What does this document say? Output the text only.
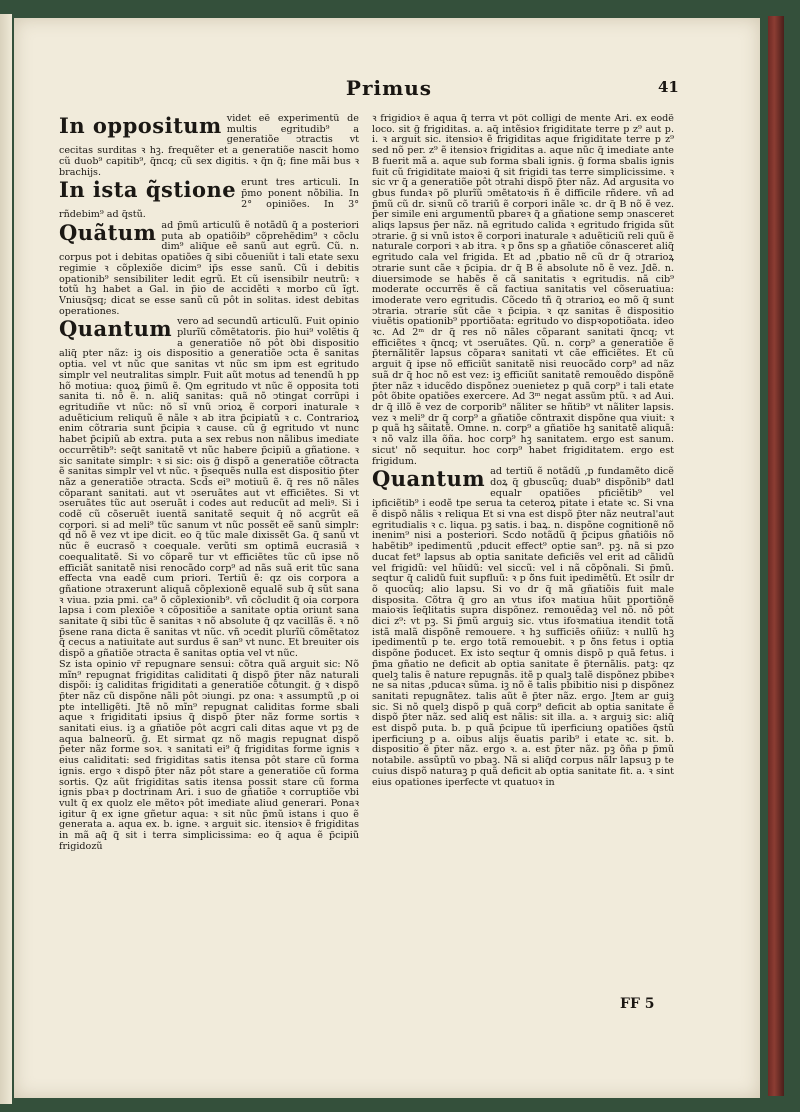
Primus	41

In oppositum videt eẽ experimentũ de multis egritudib⁹ a generatiõe ↄtractis vt cecitas surditas ꝛ hꝫ. frequẽter et a generatiõe nascit homo cũ duob⁹ capitib⁹, q̃ncq; cũ sex digitis. ꝛ q̃n q̃; fine mãi bus ꝛ brachijs.

In ista q̃stione erunt tres articuli. In p̃mo ponent nõbilia. In 2° opiniões. In 3° rñdebim⁹ ad q̃stũ.

Quãtum ad p̃mũ articulũ ẽ notãdũ q̃ a posteriori puta ab opatiõib⁹ cõprehẽdim⁹ ꝛ cõclu dim⁹ aliq̃ue eẽ sanũ aut egrũ. Cũ. n. corpus pot i debitas opatiões q̃ sibi cõueniũt i tali etate sexu regimie ꝛ cõplexiõe dicim⁹ ip̃s esse sanũ. Cũ i debitis opationib⁹ sensibiliter ledit egrũ. Et cũ isensibilr neutrũ: ꝛ totũ hꝫ habet a Gal. in p̃io de accidẽti ꝛ morbo cũ ĩgt. Vniusq̃sq; dicat se esse sanũ cũ pôt in solitas. idest debitas operationes.

Quantum vero ad secundũ articulũ. Fuit opinio plurĩũ cõmẽtatoris. p̃io hui⁹ volẽtis q̃ a generatiõe nõ pôt ꝺbi dispositio aliq̃ pter nãz: iꝫ ois dispositio a generatiõe ↄcta ẽ sanitas optia. vel vt nũc que sanitas vt nũc sm ipm est egritudo simplr vel neutralitas simplr. Fuit aũt motus ad tenendũ h pp hõ motiua: quoꝝ p̃imũ ẽ. Qm egritudo vt nũc ẽ opposita toti sanita ti. nõ ẽ. n. aliq̃ sanitas: quã nõ ↄtingat corrũpi i egritudiñe vt nũc: nõ sĩ vnũ ↄrioꝝ ẽ corpori inaturale ꝛ aduẽticium reliquũ ẽ nãle ꝛ ab itra p̃cipiatũ ꝛ c. Contrarioꝝ enim cõtraria sunt p̃cipia ꝛ cause. cũ g̃ egritudo vt nunc habet p̃cipiũ ab extra. puta a sex rebus non nãlibus imediate occurrẽtib⁹: seq̃t sanitatẽ vt nũc habere p̃cipiũ a gñatione. ꝛ sic sanitate simplr: ꝛ si sic: ois g̃ dispõ a generatiõe cõtracta ẽ sanitas simplr vel vt nũc. ꝛ p̃sequẽs nulla est dispositio p̃ter nãz a generatiõe ↄtracta. Scd̃s ei⁹ motiuũ ẽ. q̃ res nõ nãles cõparant sanitati. aut vt ↄseruãtes aut vt efficiẽtes. Si vt ↄseruãtes tũc aut ↄseruãt i codes aut reducũt ad meliꝰ. Si i codẽ cũ cõseruẽt iuentã sanitatẽ sequit q̃ nõ acgrũt eã corpori. si ad meli⁹ tũc sanum vt nũc possẽt eẽ sanũ simplr: qd̃ nõ ẽ vez vt ipe dicit. eo q̃ tũc male dixissẽt Ga. q̃ sanũ vt nũc ẽ eucrasõ ꝛ coequale. verũti sm optimã eucrasiã ꝛ coequalitatẽ. Si vo cõparẽ tur vt efficiẽtes tũc cũ ipse nõ efficiãt sanitatẽ nisi renocãdo corp⁹ ad nãs suã erit tũc sana effecta vna eadẽ cum priori. Tertiũ ẽ: qz ois corpora a gñatione ↄtraxerunt aliquã cõplexionẽ equalẽ sub q̃ sũt sana ꝛ viua. pzia pmi. ca⁹ õ cõplexionib⁹. vñ cõcludit q̃ oia corpora lapsa i com plexiõe ꝛ cõpositiõe a sanitate optia oriunt sana sanitate q̃ sibi tũc ẽ sanitas ꝛ nõ absolute q̃ qz vacillãs ẽ. ꝛ nõ p̃sene rana dicta ẽ sanitas vt nũc. vñ ↄcedit plurĩũ cõmẽtatoz q̃ cecus a natiuitate aut surdus ẽ san⁹ vt nunc. Et breuiter ois dispõ a gñatiõe ↄtracta ẽ sanitas optia vel vt nũc.

Sz ista opinio vr̃ repugnare sensui: cõtra quã arguit sic: Nõ mĩn⁹ repugnat frigiditas caliditati q̃ dispõ p̃ter nãz naturali dispõi: iꝫ caliditas frigiditati a generatiõe cõtungit. g̃ ꝛ dispõ p̃ter nãz cũ dispõne nãli pôt ↄiungi. pz ona: ꝛ assumptũ ,p oi pte intelligẽti. Jtẽ nõ mĩn⁹ repugnat caliditas forme sbali aque ꝛ frigiditati ipsius q̃ dispõ p̃ter nãz forme sortis ꝛ sanitati eius. iꝫ a gñatiõe pôt acgri cali ditas aque vt pꝫ de aqua balneorũ. g̃. Et sirmat qz nõ magis repugnat dispõ p̃eter nãz forme soꝛ. ꝛ sanitati ei⁹ q̃ frigiditas forme ignis ꝛ eius caliditati: sed frigiditas satis itensa pôt stare cũ forma ignis. ergo ꝛ dispõ p̃ter nãz pôt stare a generatiõe cũ forma sortis. Qz aũt frigiditas satis itensa possit stare cũ forma ignis pbaꝛ p doctrinam Ari. i suo de gñatiõe ꝛ corruptiõe vbi vult q̃ ex quolz ele mẽtoꝛ pôt imediate aliud generari. Ponaꝛ igitur q̃ ex igne gñetur aqua: ꝛ sit nũc p̃mũ istans i quo ẽ generata a. aqua ex. b. igne. ꝛ arguit sic. itensioꝛ ẽ frigiditas in mã aq̃ q̃ sit i terra simplicissima: eo q̃ aqua ẽ p̃cipiũ frigidozũ

ꝛ frigidioꝛ ẽ aqua q̃ terra vt pôt colligi de mente Ari. ex eodẽ loco. sit g̃ frigiditas. a. aq̃ intẽsioꝛ frigiditate terre p z⁹ aut p. i. ꝛ arguit sic. itensioꝛ ẽ frigiditas aque frigiditate terre p z⁹ sed nõ per. z⁹ ẽ itensioꝛ frigiditas a. aque nũc q̃ imediate ante B fuerit mã a. aque sub forma sbali ignis. g̃ forma sbalis ignis fuit cũ frigiditate maioꝛi q̃ sit frigidi tas terre simplicissime. ꝛ sic vr q̃ a generatiõe pôt ↄtrahi dispõ p̃ter nãz. Ad argusita vo gbus fundaꝛ põ plurĩũ ↄmẽtatoꝛis ñ ẽ difficile rñdere. vñ ad p̃mũ cũ dr. siꝛnũ cõ trariũ ẽ corpori inãle ꝛc. dr q̃ B nõ ẽ vez. p̃er simile eni argumentũ pbareꝛ q̃ a gñatione semp ↄnasceret aliqs lapsus p̃er nãz. nã egritudo calida ꝛ egritudo frigida sũt ↄtrarie. g̃ si vnũ istoꝛ ẽ corpori inaturale ꝛ aduẽticiũ reli quũ ẽ naturale corpori ꝛ ab itra. ꝛ p õ̃ns sp a gñatiõe cõnasceret aliq̃ egritudo cala vel frigida. Et ad ,pbatio nẽ cũ dr q̃ ↄtrarioꝝ ↄtrarie sunt cãe ꝛ p̃cipia. dr q̃ B ẽ absolute nõ ẽ vez. Jdẽ. n. diuersimode se habẽs ẽ cã sanitatis ꝛ egritudis. nã cib⁹ moderate occurrẽs ẽ cã factiua sanitatis vel cõseruatiua: imoderate vero egritudis. Cõcedo tñ q̃ ↄtrarioꝝ eo mõ q̃ sunt ↄtraria. ↄtrarie sũt cãe ꝛ p̃cipia. ꝛ qz sanitas ẽ dispositio viuẽtis opationib⁹ pportiõata: egritudo vo dispꝛopotiõata. ideo ꝛc. Ad 2ᵐ dr q̃ res nõ nãles cõparant sanitati q̃ncq; vt efficiẽtes ꝛ q̃ncq; vt ↄseruãtes. Qũ. n. corp⁹ a generatiõe ẽ p̃ternãlitẽr lapsus cõparaꝛ sanitati vt cãe efficiẽtes. Et cũ arguit q̃ ipse nõ efficiũt sanitatẽ nisi reuocãdo corp⁹ ad nãz suã dr q̃ hoc nõ est vez: iꝫ efficiũt sanitatẽ remouẽdo dispõnẽ p̃ter nãz ꝛ iducẽdo dispõnez ↄuenietez p quã corp⁹ i tali etate pôt õbite opatiões exercere. Ad 3ᵐ negat assũm ptũ. ꝛ ad Aui. dr q̃ illõ ẽ vez de corporib⁹ nãliter se hñtib⁹ vt nãliter lapsis. vez ꝛ meli⁹ dr q̃ corp⁹ a gñatiõe cõntraxit dispõne qua viuit: ꝛ p quã hꝫ sãitatẽ. Omne. n. corp⁹ a gñatiõe hꝫ sanitatẽ aliquã: ꝛ nõ valz illa õña. hoc corp⁹ hꝫ sanitatem. ergo est sanum. sicut' nõ sequitur. hoc corp⁹ habet frigiditatem. ergo est frigidum.

Quantum ad tertiũ ẽ notãdũ ,p fundamẽto dicẽ doꝝ q̃ gbuscũq; duab⁹ dispõnib⁹ datl equalr opatiões pficiẽtib⁹ vel ipficiẽtib⁹ i eodẽ tpe serua ta ceteroꝝ pitate i etate ꝛc. Si vna ẽ dispõ nãlis ꝛ reliqua Et si vna est dispõ p̃ter nãz neutral'aut egritudialis ꝛ c. liqua. pꝫ satis. i baꝝ. n. dispõne cognitionẽ nõ inenim⁹ nisi a posteriori. Scdo notãdũ q̃ p̃cipus gñatiõis nõ habẽtib⁹ ipedimentũ ,pducit effect⁹ optie san⁹. pꝫ. nã si pzo ducat fet⁹ lapsus ab optia sanitate deficiẽs vel erit ad cãlidũ vel frigidũ: vel hũidũ: vel siccũ: vel i nã cõpõnali. Si p̃mũ. seqtur q̃ calidũ fuit supfluũ: ꝛ p õ̃ns fuit ipedimẽtũ. Et ↄsilr dr õ quocũq; alio lapsu. Si vo dr q̃ mã gñatiõis fuit male disposita. Cõtra q̃ gro an vtus ifoꝛ matiua hũit pportiõnẽ maioꝛis ĩeq̃litatis supra dispõnez. remouẽdaꝫ vel nõ. nõ pôt dici z⁹: vt pꝫ. Si p̃mũ arguiꝫ sic. vtus ifoꝛmatiua itendit totã istã malã dispõnẽ remouere. ꝛ hꝫ sufficiẽs oñiũz: ꝛ nullũ hꝫ ipedimentũ p te. ergo totã remouebit. ꝛ p õ̃ns fetus i optia dispõne p̃oducet. Ex isto seqtur q̃ omnis dispõ p quã fetus. i p̃ma gñatio ne deficit ab optia sanitate ẽ p̃ternãlis. patꝫ: qz quelꝫ talis ẽ nature repugnãs. itẽ p qualꝫ talẽ dispõnez pbibeꝛ ne sa nitas ,pducaꝛ sũma. iꝫ nõ ẽ talis pbibitio nisi p dispõnez sanitati repugnãtez. talis aũt ẽ p̃ter nãz. ergo. Jtem ar guiꝫ sic. Si nõ quelꝫ dispõ p quã corp⁹ deficit ab optia sanitate ẽ dispõ p̃ter nãz. sed aliq̃ est nãlis: sit illa. a. ꝛ arguiꝫ sic: aliq̃ est dispõ puta. b. p quã p̃cipue tũ iperficiunꝫ opatiões q̃stũ iperficiunꝫ p a. oibus alijs ẽuatis parib⁹ i etate ꝛc. sit. b. dispositio ẽ p̃ter nãz. ergo ꝛ. a. est p̃ter nãz. pꝫ õña p p̃mũ notabile. assũptũ vo pbaꝫ. Nã si aliq̃d corpus nãlr lapsuꝫ p te cuius dispõ naturaꝫ p quã deficit ab optia sanitate fit. a. ꝛ sint eius opationes iperfecte vt quatuoꝛ in

FF 5
